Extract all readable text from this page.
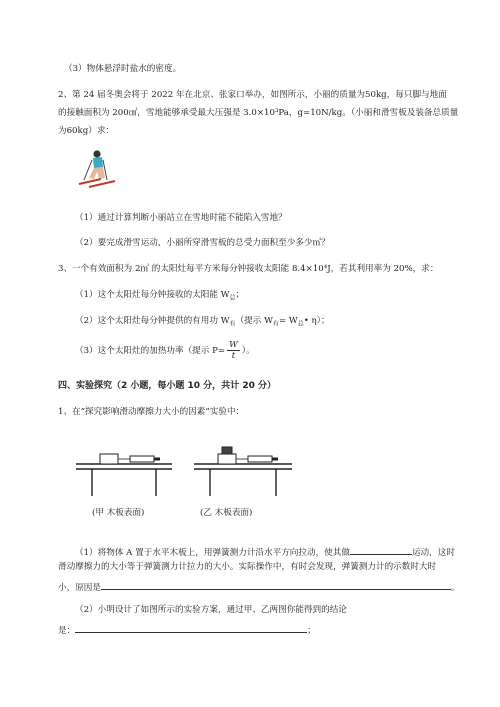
（3）物体悬浮时盐水的密度。
2、第 24 届冬奥会将于 2022 年在北京、张家口举办，如图所示，小丽的质量为50kg，每只脚与地面
的接触面积为 200㎠，雪地能够承受最大压强是 3.0×10³Pa，g=10N/kg。（小丽和滑雪板及装备总质量
为60kg）求：
（1）通过计算判断小丽站立在雪地时能不能陷入雪地？
（2）要完成滑雪运动，小丽所穿滑雪板的总受力面积至少多少㎡？
3、一个有效面积为 2㎡ 的太阳灶每平方米每分钟接收太阳能 8.4×10⁴J，若其利用率为 20%，求：
（1）这个太阳灶每分钟接收的太阳能 $W_总$；
（2）这个太阳灶每分钟提供的有用功 $W_有$（提示 $W_有=$ $W_总•$ η）；
（3）这个太阳灶的加热功率（提示 $P= \frac{W}{t}$ ）。
四、实验探究（2 小题，每小题 10 分，共计 20 分）
1、在“探究影响滑动摩擦力大小的因素”实验中：
(甲 木板表面)	(乙 木板表面)
（1）将物体 A 置于水平木板上，用弹簧测力计沿水平方向拉动，使其做	运动，这时
滑动摩擦力的大小等于弹簧测力计拉力的大小。实际操作中，有时会发现，弹簧测力计的示数时大时
小，原因是	。
（2）小明设计了如图所示的实验方案，通过甲、乙两图你能得到的结论
是：	；
